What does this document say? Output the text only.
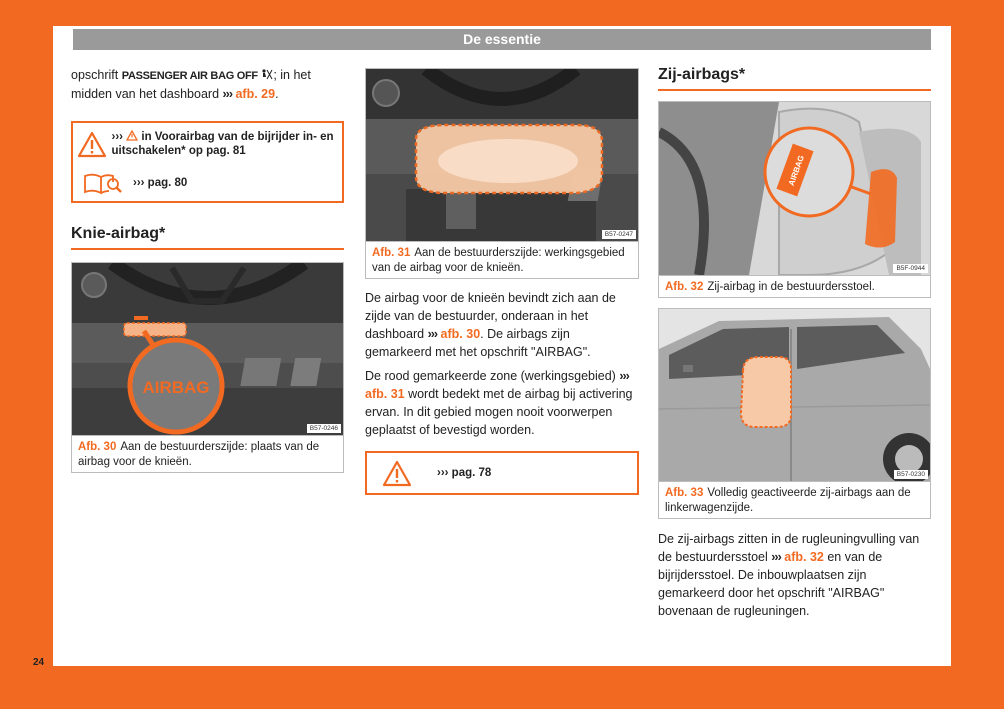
De essentie

opschrift PASSENGER AIR BAG OFF ; in het midden van het dashboard ››› afb. 29.

››› in Voorairbag van de bijrijder in- en uitschakelen* op pag. 81
››› pag. 80
Knie-airbag*
AIRBAG
B57-0246
Afb. 30 Aan de bestuurderszijde: plaats van de airbag voor de knieën.
B57-0247
Afb. 31 Aan de bestuurderszijde: werkingsgebied van de airbag voor de knieën.

De airbag voor de knieën bevindt zich aan de zijde van de bestuurder, onderaan in het dashboard ››› afb. 30. De airbags zijn gemarkeerd met het opschrift "AIRBAG".

De rood gemarkeerde zone (werkingsgebied) ››› afb. 31 wordt bedekt met de airbag bij activering ervan. In dit gebied mogen nooit voorwerpen geplaatst of bevestigd worden.

››› pag. 78
Zij-airbags*
AIRBAG
B5F-0944
Afb. 32 Zij-airbag in de bestuurdersstoel.
B57-0230
Afb. 33 Volledig geactiveerde zij-airbags aan de linkerwagenzijde.

De zij-airbags zitten in de rugleuningvulling van de bestuurdersstoel ››› afb. 32 en van de bijrijdersstoel. De inbouwplaatsen zijn gemarkeerd door het opschrift "AIRBAG" bovenaan de rugleuningen.

24
